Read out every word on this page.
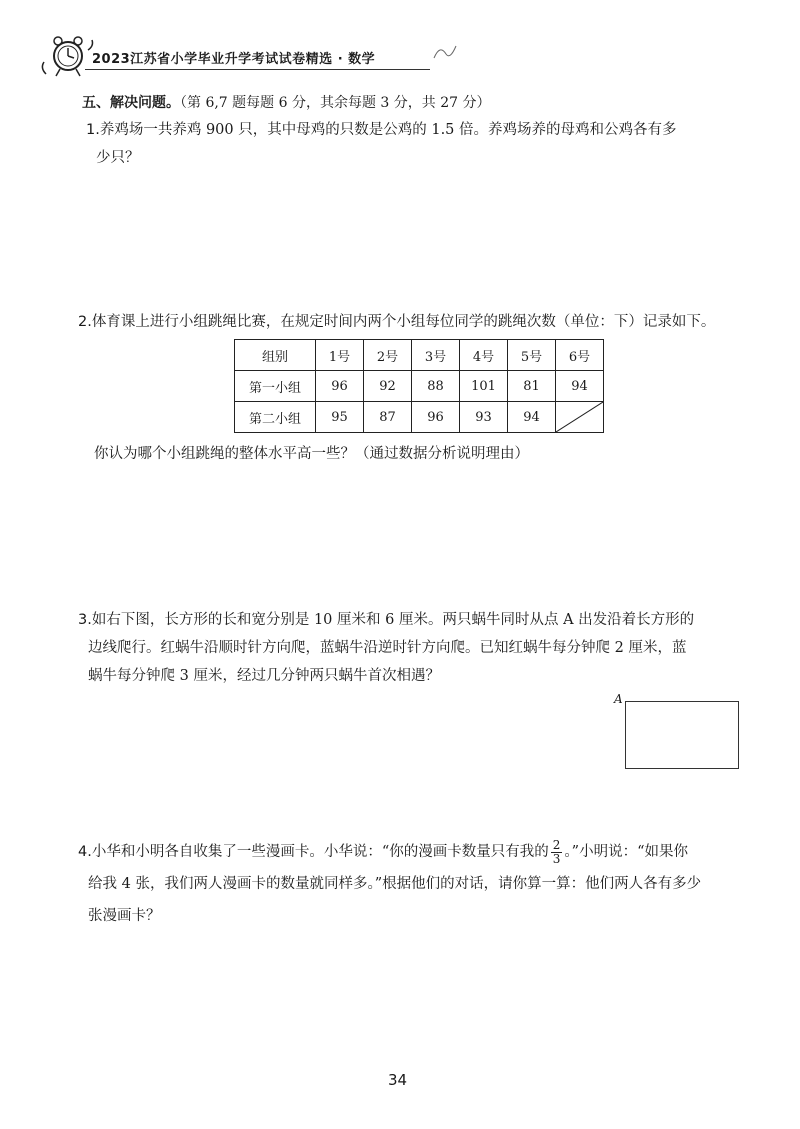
2023江苏省小学毕业升学考试试卷精选 · 数学
五、解决问题。（第 6,7 题每题 6 分，其余每题 3 分，共 27 分）
1.养鸡场一共养鸡 900 只，其中母鸡的只数是公鸡的 1.5 倍。养鸡场养的母鸡和公鸡各有多
少只？
2.体育课上进行小组跳绳比赛，在规定时间内两个小组每位同学的跳绳次数（单位：下）记录如下。
组别	1号	2号	3号	4号	5号	6号
第一小组	96	92	88	101	81	94
第二小组	95	87	96	93	94	
你认为哪个小组跳绳的整体水平高一些？（通过数据分析说明理由）
3.如右下图，长方形的长和宽分别是 10 厘米和 6 厘米。两只蜗牛同时从点 A 出发沿着长方形的
边线爬行。红蜗牛沿顺时针方向爬，蓝蜗牛沿逆时针方向爬。已知红蜗牛每分钟爬 2 厘米，蓝
蜗牛每分钟爬 3 厘米，经过几分钟两只蜗牛首次相遇？
A
4.小华和小明各自收集了一些漫画卡。小华说：“你的漫画卡数量只有我的 $\frac{2}{3}$ 。”小明说：“如果你
给我 4 张，我们两人漫画卡的数量就同样多。”根据他们的对话，请你算一算：他们两人各有多少
张漫画卡？
34
